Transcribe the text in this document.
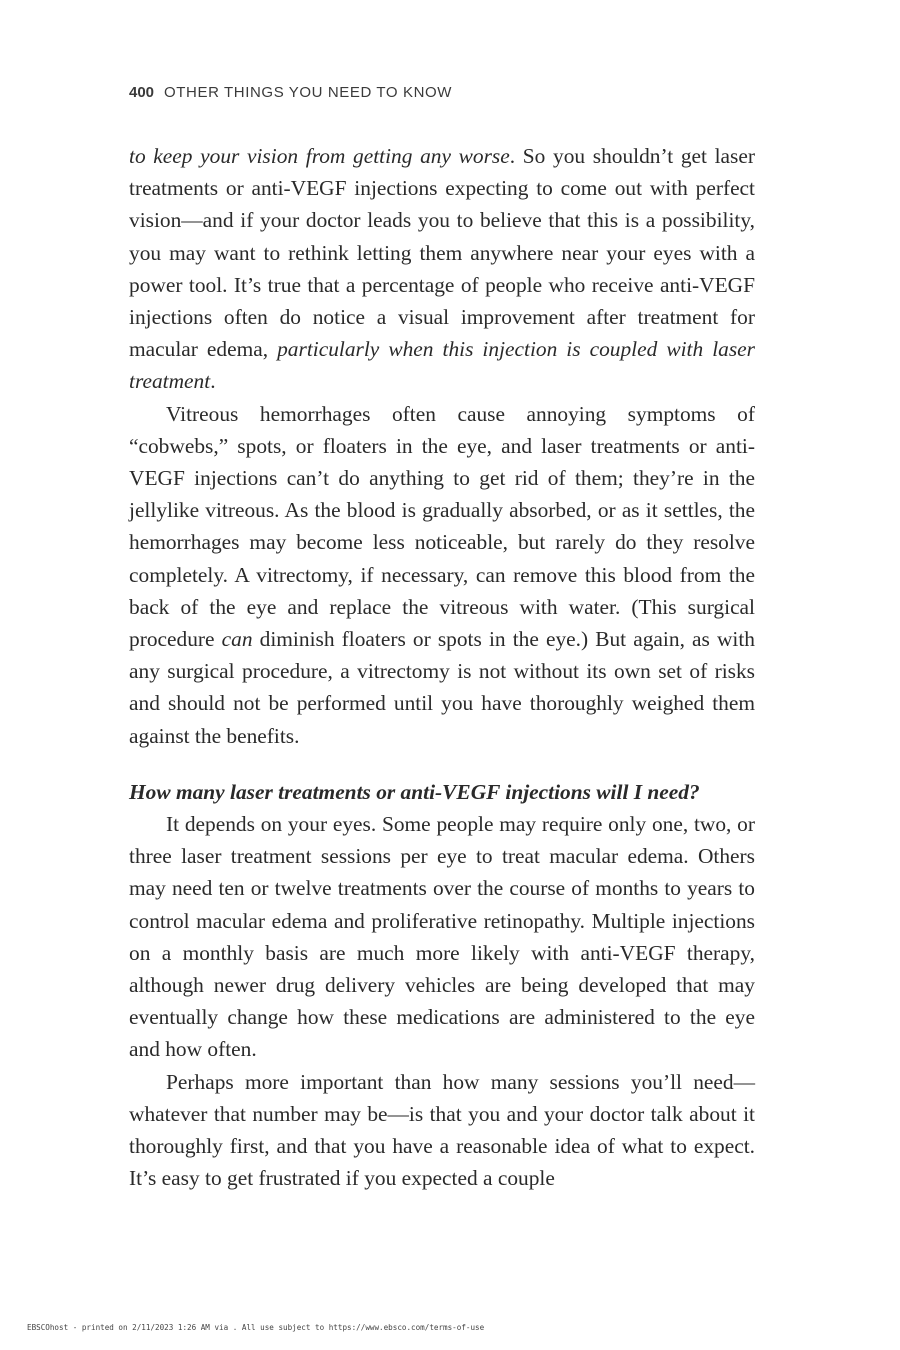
400 OTHER THINGS YOU NEED TO KNOW

to keep your vision from getting any worse. So you shouldn’t get laser treatments or anti-VEGF injections expecting to come out with perfect vision—and if your doctor leads you to believe that this is a possibility, you may want to rethink letting them anywhere near your eyes with a power tool. It’s true that a percentage of people who receive anti-VEGF injections often do notice a visual improvement after treatment for macular edema, particularly when this injection is coupled with laser treatment.

Vitreous hemorrhages often cause annoying symptoms of “cobwebs,” spots, or floaters in the eye, and laser treatments or anti-VEGF injections can’t do anything to get rid of them; they’re in the jellylike vitreous. As the blood is gradually absorbed, or as it settles, the hemorrhages may become less noticeable, but rarely do they resolve completely. A vitrectomy, if necessary, can remove this blood from the back of the eye and replace the vitreous with water. (This surgical procedure can diminish floaters or spots in the eye.) But again, as with any surgical procedure, a vitrectomy is not without its own set of risks and should not be performed until you have thoroughly weighed them against the benefits.

How many laser treatments or anti-VEGF injections will I need?

It depends on your eyes. Some people may require only one, two, or three laser treatment sessions per eye to treat macular edema. Others may need ten or twelve treatments over the course of months to years to control macular edema and proliferative retinopathy. Multiple injections on a monthly basis are much more likely with anti-VEGF therapy, although newer drug delivery vehicles are being developed that may eventually change how these medications are administered to the eye and how often.

Perhaps more important than how many sessions you’ll need—whatever that number may be—is that you and your doctor talk about it thoroughly first, and that you have a reasonable idea of what to expect. It’s easy to get frustrated if you expected a couple

EBSCOhost - printed on 2/11/2023 1:26 AM via . All use subject to https://www.ebsco.com/terms-of-use
